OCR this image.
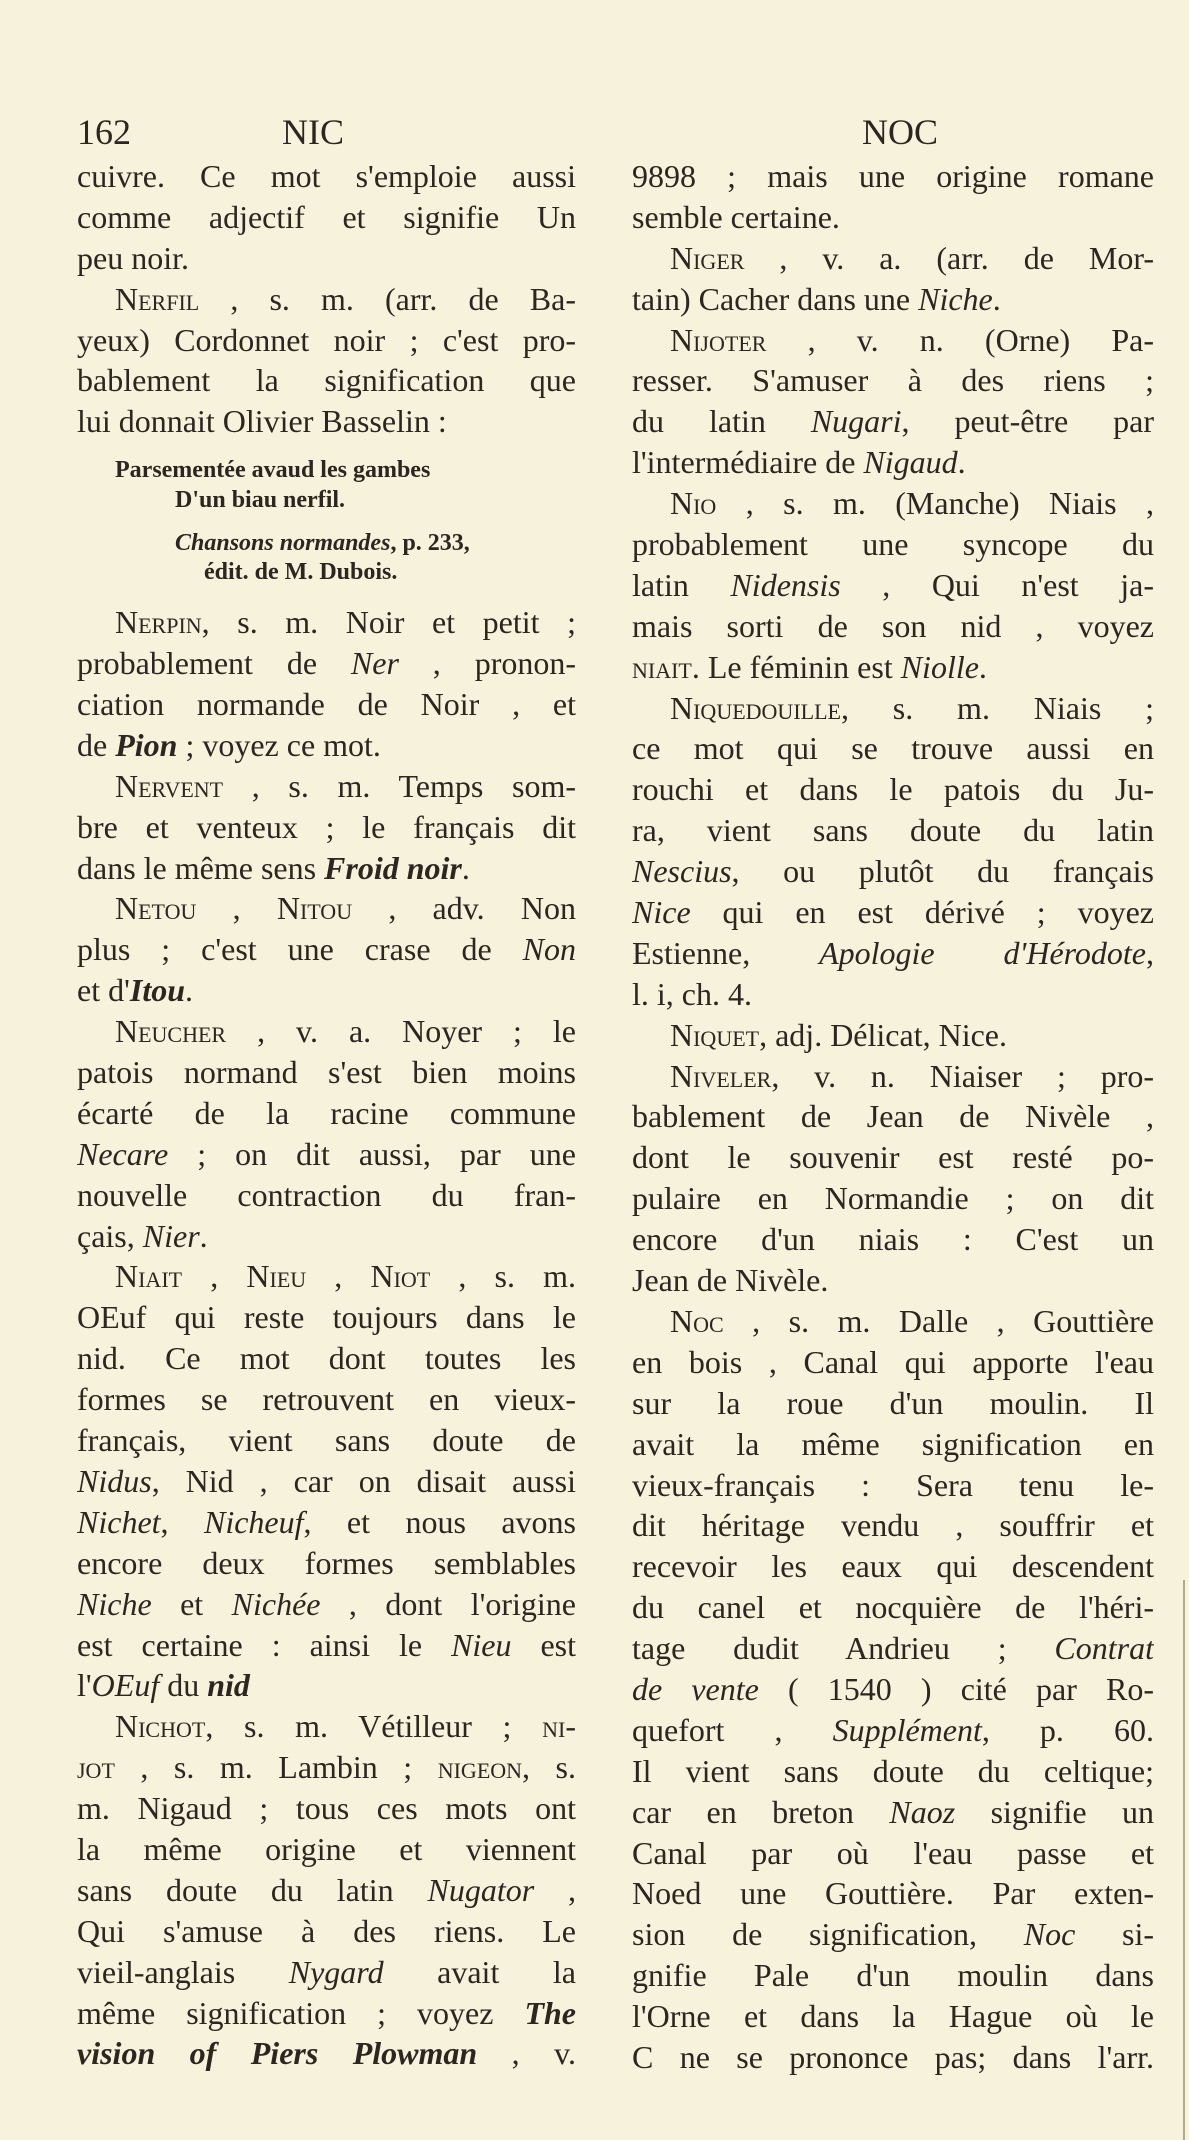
162	NIC	NOC
cuivre. Ce mot s'emploie aussi
comme adjectif et signifie Un
peu noir.
Nerfil , s. m. (arr. de Ba-
yeux) Cordonnet noir ; c'est pro-
bablement la signification que
lui donnait Olivier Basselin :
Parsementée avaud les gambes
D'un biau nerfil.
Chansons normandes, p. 233,
édit. de M. Dubois.
Nerpin, s. m. Noir et petit ;
probablement de Ner , pronon-
ciation normande de Noir , et
de Pion ; voyez ce mot.
Nervent , s. m. Temps som-
bre et venteux ; le français dit
dans le même sens Froid noir.
Netou , Nitou , adv. Non
plus ; c'est une crase de Non
et d'Itou.
Neucher , v. a. Noyer ; le
patois normand s'est bien moins
écarté de la racine commune
Necare ; on dit aussi, par une
nouvelle contraction du fran-
çais, Nier.
Niait , Nieu , Niot , s. m.
OEuf qui reste toujours dans le
nid. Ce mot dont toutes les
formes se retrouvent en vieux-
français, vient sans doute de
Nidus, Nid , car on disait aussi
Nichet, Nicheuf, et nous avons
encore deux formes semblables
Niche et Nichée , dont l'origine
est certaine : ainsi le Nieu est
l'OEuf du nid
Nichot, s. m. Vétilleur ; ni-
jot , s. m. Lambin ; nigeon, s.
m. Nigaud ; tous ces mots ont
la même origine et viennent
sans doute du latin Nugator ,
Qui s'amuse à des riens. Le
vieil-anglais Nygard avait la
même signification ; voyez The
vision of Piers Plowman , v.
9898 ; mais une origine romane
semble certaine.
Niger , v. a. (arr. de Mor-
tain) Cacher dans une Niche.
Nijoter , v. n. (Orne) Pa-
resser. S'amuser à des riens ;
du latin Nugari, peut-être par
l'intermédiaire de Nigaud.
Nio , s. m. (Manche) Niais ,
probablement une syncope du
latin Nidensis , Qui n'est ja-
mais sorti de son nid , voyez
niait. Le féminin est Niolle.
Niquedouille, s. m. Niais ;
ce mot qui se trouve aussi en
rouchi et dans le patois du Ju-
ra, vient sans doute du latin
Nescius, ou plutôt du français
Nice qui en est dérivé ; voyez
Estienne, Apologie d'Hérodote,
l. i, ch. 4.
Niquet, adj. Délicat, Nice.
Niveler, v. n. Niaiser ; pro-
bablement de Jean de Nivèle ,
dont le souvenir est resté po-
pulaire en Normandie ; on dit
encore d'un niais : C'est un
Jean de Nivèle.
Noc , s. m. Dalle , Gouttière
en bois , Canal qui apporte l'eau
sur la roue d'un moulin. Il
avait la même signification en
vieux-français : Sera tenu le-
dit héritage vendu , souffrir et
recevoir les eaux qui descendent
du canel et nocquière de l'héri-
tage dudit Andrieu ; Contrat
de vente ( 1540 ) cité par Ro-
quefort , Supplément, p. 60.
Il vient sans doute du celtique;
car en breton Naoz signifie un
Canal par où l'eau passe et
Noed une Gouttière. Par exten-
sion de signification, Noc si-
gnifie Pale d'un moulin dans
l'Orne et dans la Hague où le
C ne se prononce pas; dans l'arr.
